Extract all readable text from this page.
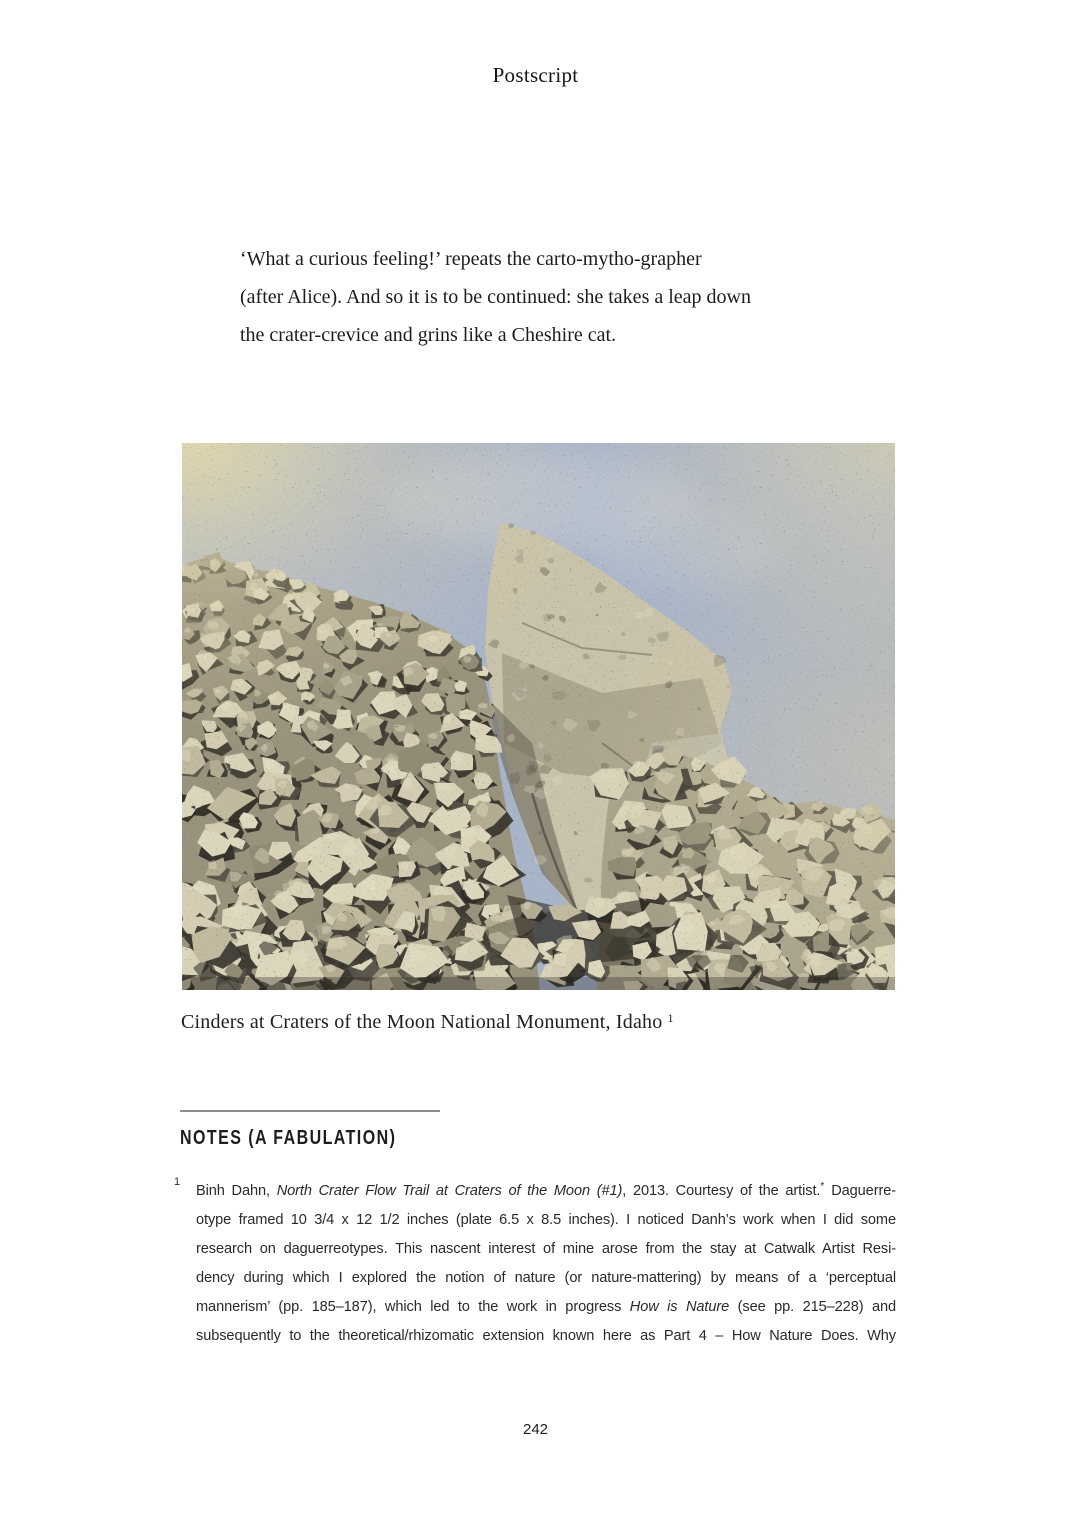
Postscript
‘What a curious feeling!’ repeats the carto-mytho-grapher
(after Alice). And so it is to be continued: she takes a leap down
the crater-crevice and grins like a Cheshire cat.
Cinders at Craters of the Moon National Monument, Idaho $^1$
NOTES (A FABULATION)
1
Binh Dahn, North Crater Flow Trail at Craters of the Moon (#1), 2013. Courtesy of the artist.* Daguerre-
otype framed 10 3/4 x 12 1/2 inches (plate 6.5 x 8.5 inches). I noticed Danh’s work when I did some
research on daguerreotypes. This nascent interest of mine arose from the stay at Catwalk Artist Resi-
dency during which I explored the notion of nature (or nature-mattering) by means of a ‘perceptual
mannerism’ (pp. 185–187), which led to the work in progress How is Nature (see pp. 215–228) and
subsequently to the theoretical/rhizomatic extension known here as Part 4 – How Nature Does. Why
242
